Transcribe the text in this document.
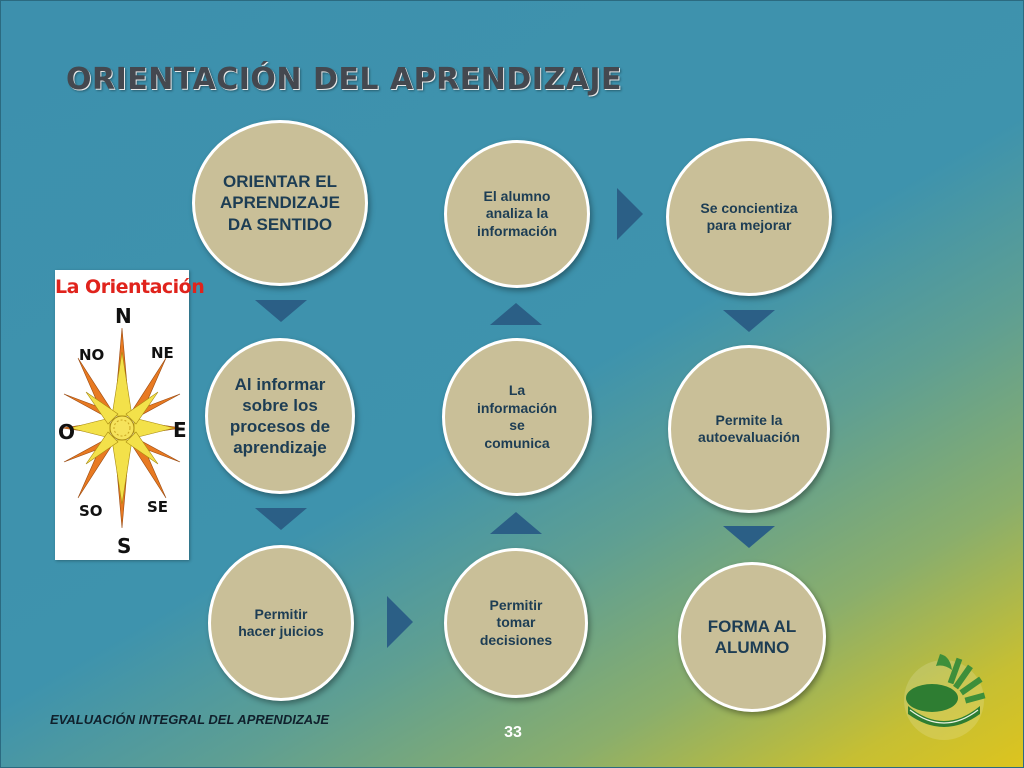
ORIENTACIÓN DEL APRENDIZAJE
ORIENTAR EL APRENDIZAJE DA SENTIDO
Al informar sobre los procesos de aprendizaje
Permitir hacer juicios
Permitir tomar decisiones
La información se comunica
El alumno analiza la información
Se concientiza para mejorar
Permite la autoevaluación
FORMA AL ALUMNO
La Orientación
N
NO	NE
O	E
SO	SE
S
EVALUACIÓN INTEGRAL DEL APRENDIZAJE
33
